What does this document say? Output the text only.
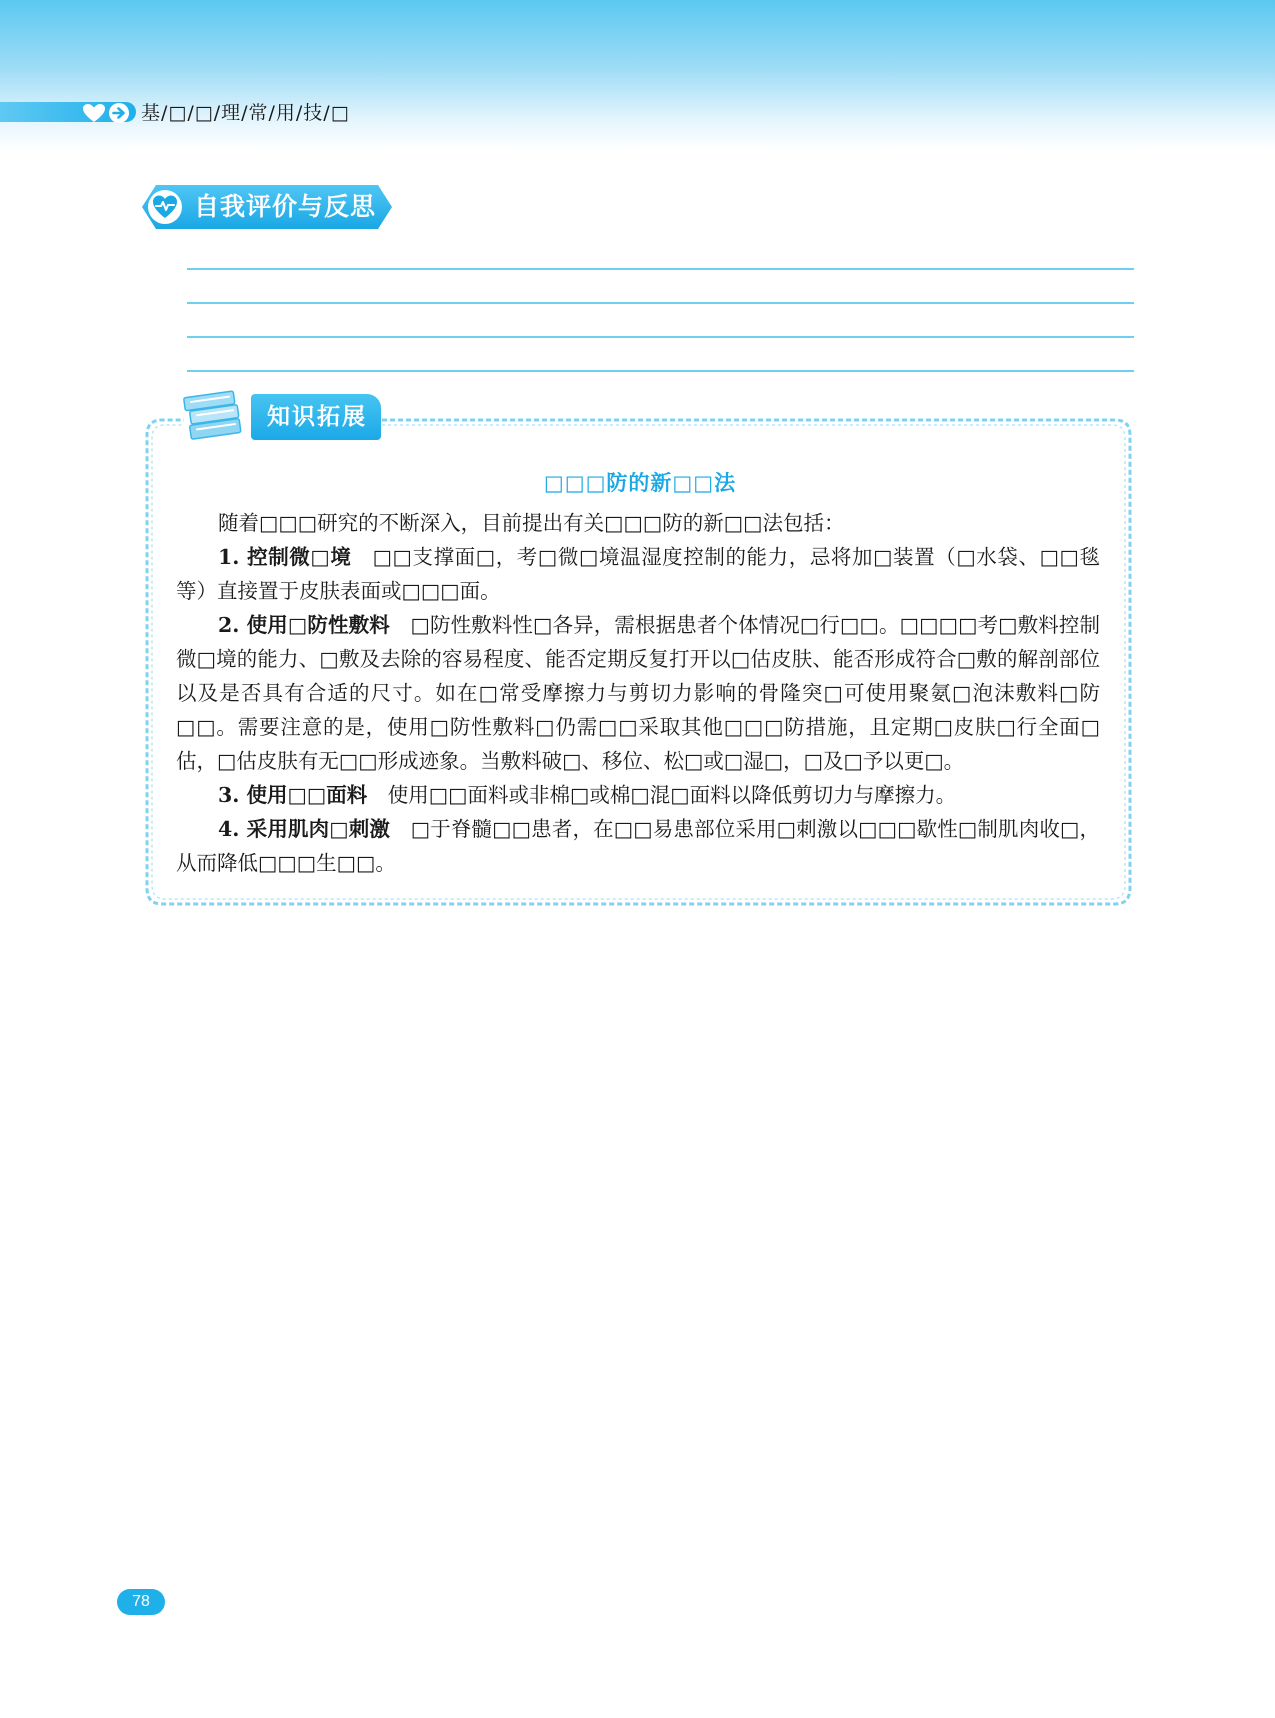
基/□/□/理/常/用/技/□
自我评价与反思
知识拓展
□□□防的新□□法

随着□□□研究的不断深入，目前提出有关□□□防的新□□法包括：

1. 控制微□境　 □□支撑面□，考□微□境温湿度控制的能力，忌将加□装置（□水袋、□□毯等）直接置于皮肤表面或□□□面。

2. 使用□防性敷料　 □防性敷料性□各异，需根据患者个体情况□行□□。□□□□考□敷料控制微□境的能力、□敷及去除的容易程度、能否定期反复打开以□估皮肤、能否形成符合□敷的解剖部位以及是否具有合适的尺寸。如在□常受摩擦力与剪切力影响的骨隆突□可使用聚氨□泡沫敷料□防□□。需要注意的是，使用□防性敷料□仍需□□采取其他□□□防措施，且定期□皮肤□行全面□估，□估皮肤有无□□形成迹象。当敷料破□、移位、松□或□湿□，□及□予以更□。

3. 使用□□面料　 使用□□面料或非棉□或棉□混□面料以降低剪切力与摩擦力。

4. 采用肌肉□刺激　 □于脊髓□□患者，在□□易患部位采用□刺激以□□□歇性□制肌肉收□，从而降低□□□生□□。

78
